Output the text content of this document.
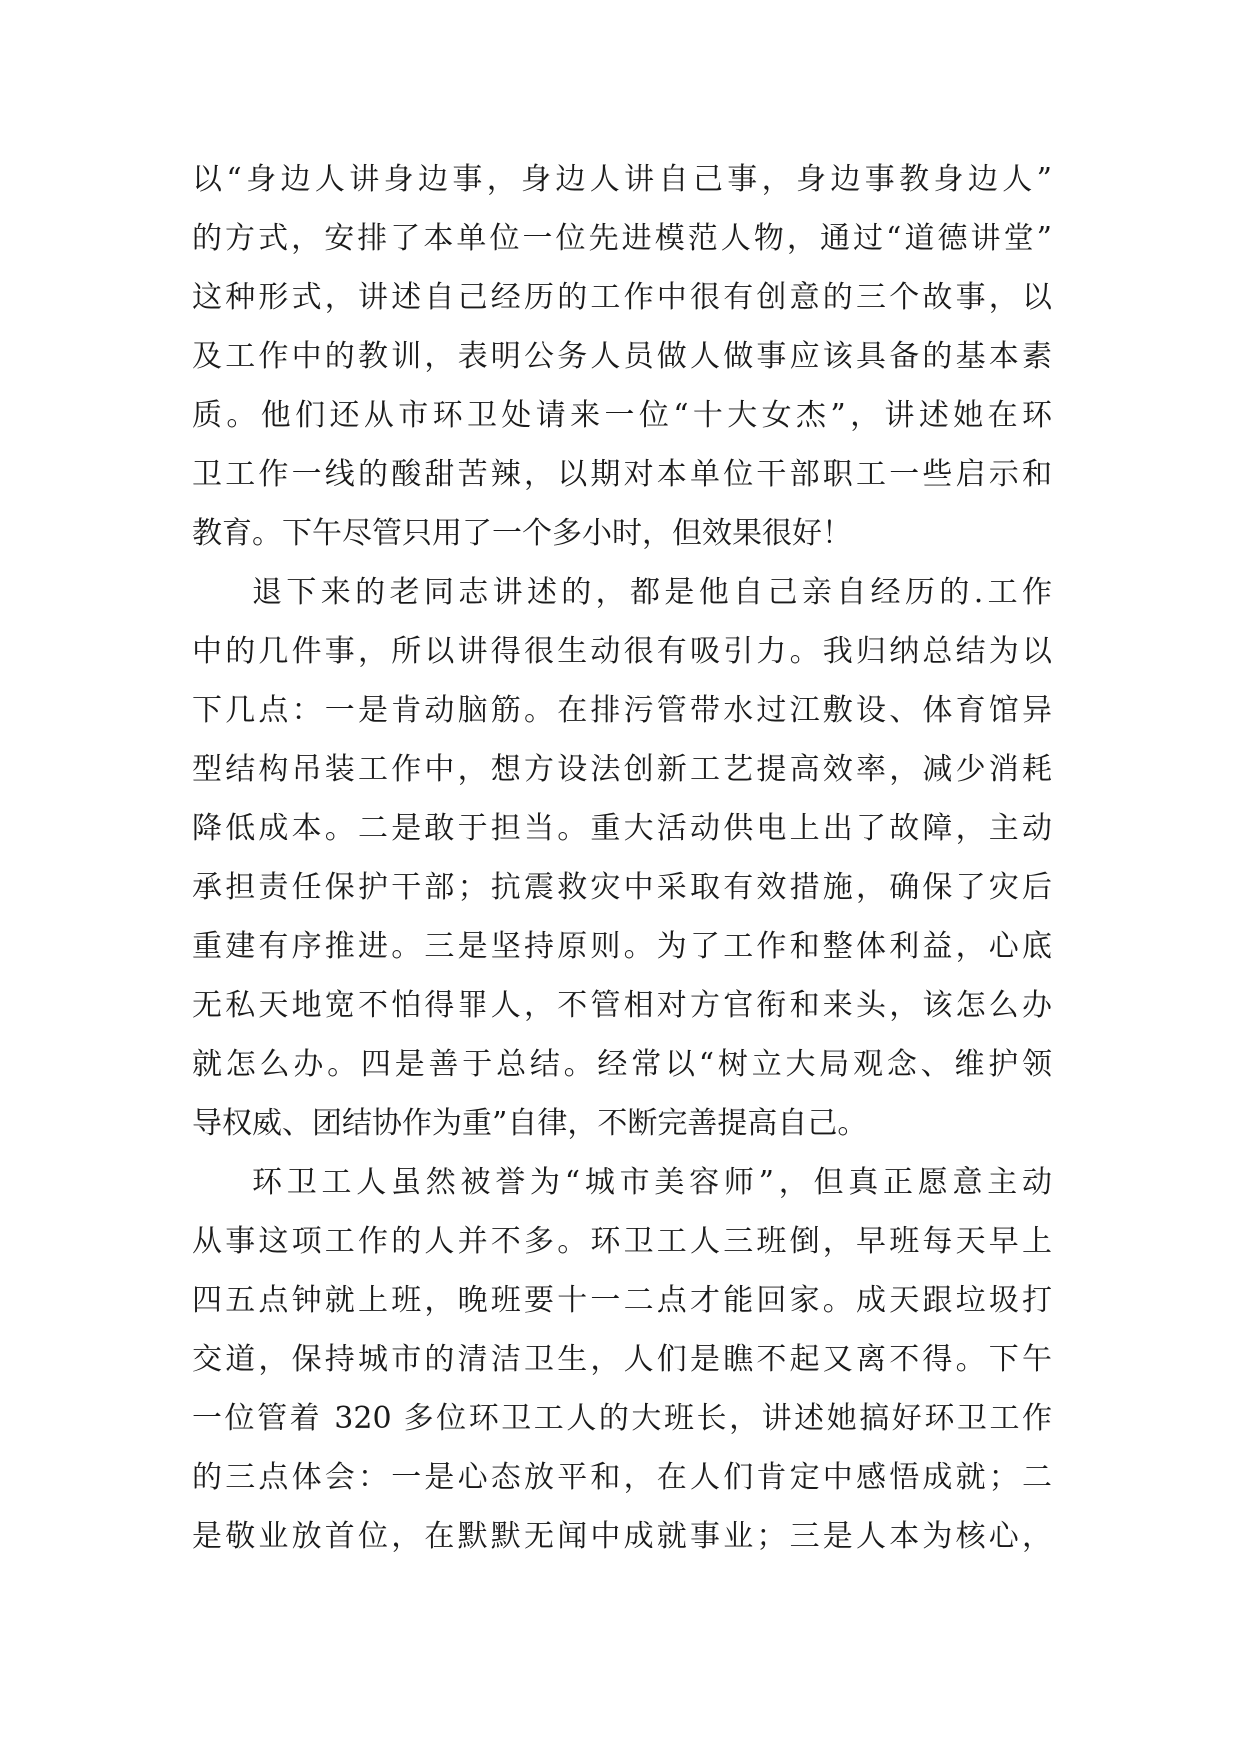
以“身边人讲身边事，身边人讲自己事，身边事教身边人”
的方式，安排了本单位一位先进模范人物，通过“道德讲堂”
这种形式，讲述自己经历的工作中很有创意的三个故事，以
及工作中的教训，表明公务人员做人做事应该具备的基本素
质。他们还从市环卫处请来一位“十大女杰”，讲述她在环
卫工作一线的酸甜苦辣，以期对本单位干部职工一些启示和
教育。下午尽管只用了一个多小时，但效果很好！
退下来的老同志讲述的，都是他自己亲自经历的.工作
中的几件事，所以讲得很生动很有吸引力。我归纳总结为以
下几点：一是肯动脑筋。在排污管带水过江敷设、体育馆异
型结构吊装工作中，想方设法创新工艺提高效率，减少消耗
降低成本。二是敢于担当。重大活动供电上出了故障，主动
承担责任保护干部；抗震救灾中采取有效措施，确保了灾后
重建有序推进。三是坚持原则。为了工作和整体利益，心底
无私天地宽不怕得罪人，不管相对方官衔和来头，该怎么办
就怎么办。四是善于总结。经常以“树立大局观念、维护领
导权威、团结协作为重”自律，不断完善提高自己。
环卫工人虽然被誉为“城市美容师”，但真正愿意主动
从事这项工作的人并不多。环卫工人三班倒，早班每天早上
四五点钟就上班，晚班要十一二点才能回家。成天跟垃圾打
交道，保持城市的清洁卫生，人们是瞧不起又离不得。下午
一位管着 320 多位环卫工人的大班长，讲述她搞好环卫工作
的三点体会：一是心态放平和，在人们肯定中感悟成就；二
是敬业放首位，在默默无闻中成就事业；三是人本为核心，
